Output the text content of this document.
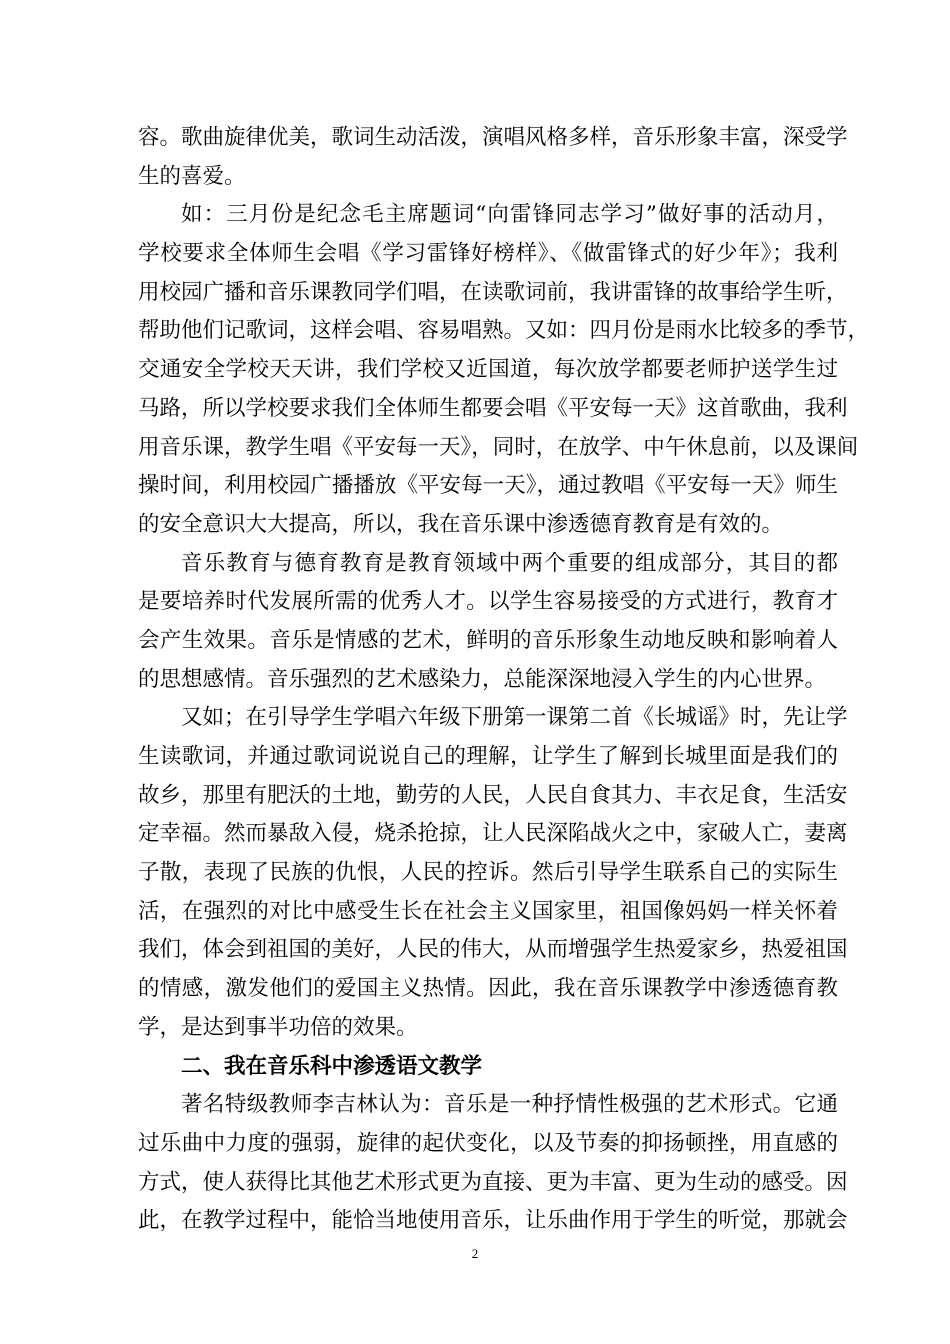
容。歌曲旋律优美，歌词生动活泼，演唱风格多样，音乐形象丰富，深受学
生的喜爱。
如：三月份是纪念毛主席题词“向雷锋同志学习”做好事的活动月，
学校要求全体师生会唱《学习雷锋好榜样》、《做雷锋式的好少年》；我利
用校园广播和音乐课教同学们唱，在读歌词前，我讲雷锋的故事给学生听，
帮助他们记歌词，这样会唱、容易唱熟。又如：四月份是雨水比较多的季节，
交通安全学校天天讲，我们学校又近国道，每次放学都要老师护送学生过
马路，所以学校要求我们全体师生都要会唱《平安每一天》这首歌曲，我利
用音乐课，教学生唱《平安每一天》，同时，在放学、中午休息前，以及课间
操时间，利用校园广播播放《平安每一天》，通过教唱《平安每一天》师生
的安全意识大大提高，所以，我在音乐课中渗透德育教育是有效的。
音乐教育与德育教育是教育领域中两个重要的组成部分，其目的都
是要培养时代发展所需的优秀人才。以学生容易接受的方式进行，教育才
会产生效果。音乐是情感的艺术，鲜明的音乐形象生动地反映和影响着人
的思想感情。音乐强烈的艺术感染力，总能深深地浸入学生的内心世界。
又如；在引导学生学唱六年级下册第一课第二首《长城谣》时，先让学
生读歌词，并通过歌词说说自己的理解，让学生了解到长城里面是我们的
故乡，那里有肥沃的土地，勤劳的人民，人民自食其力、丰衣足食，生活安
定幸福。然而暴敌入侵，烧杀抢掠，让人民深陷战火之中，家破人亡，妻离
子散，表现了民族的仇恨，人民的控诉。然后引导学生联系自己的实际生
活，在强烈的对比中感受生长在社会主义国家里，祖国像妈妈一样关怀着
我们，体会到祖国的美好，人民的伟大，从而增强学生热爱家乡，热爱祖国
的情感，激发他们的爱国主义热情。因此，我在音乐课教学中渗透德育教
学，是达到事半功倍的效果。
二、我在音乐科中渗透语文教学
著名特级教师李吉林认为：音乐是一种抒情性极强的艺术形式。它通
过乐曲中力度的强弱，旋律的起伏变化，以及节奏的抑扬顿挫，用直感的
方式，使人获得比其他艺术形式更为直接、更为丰富、更为生动的感受。因
此，在教学过程中，能恰当地使用音乐，让乐曲作用于学生的听觉，那就会
2
